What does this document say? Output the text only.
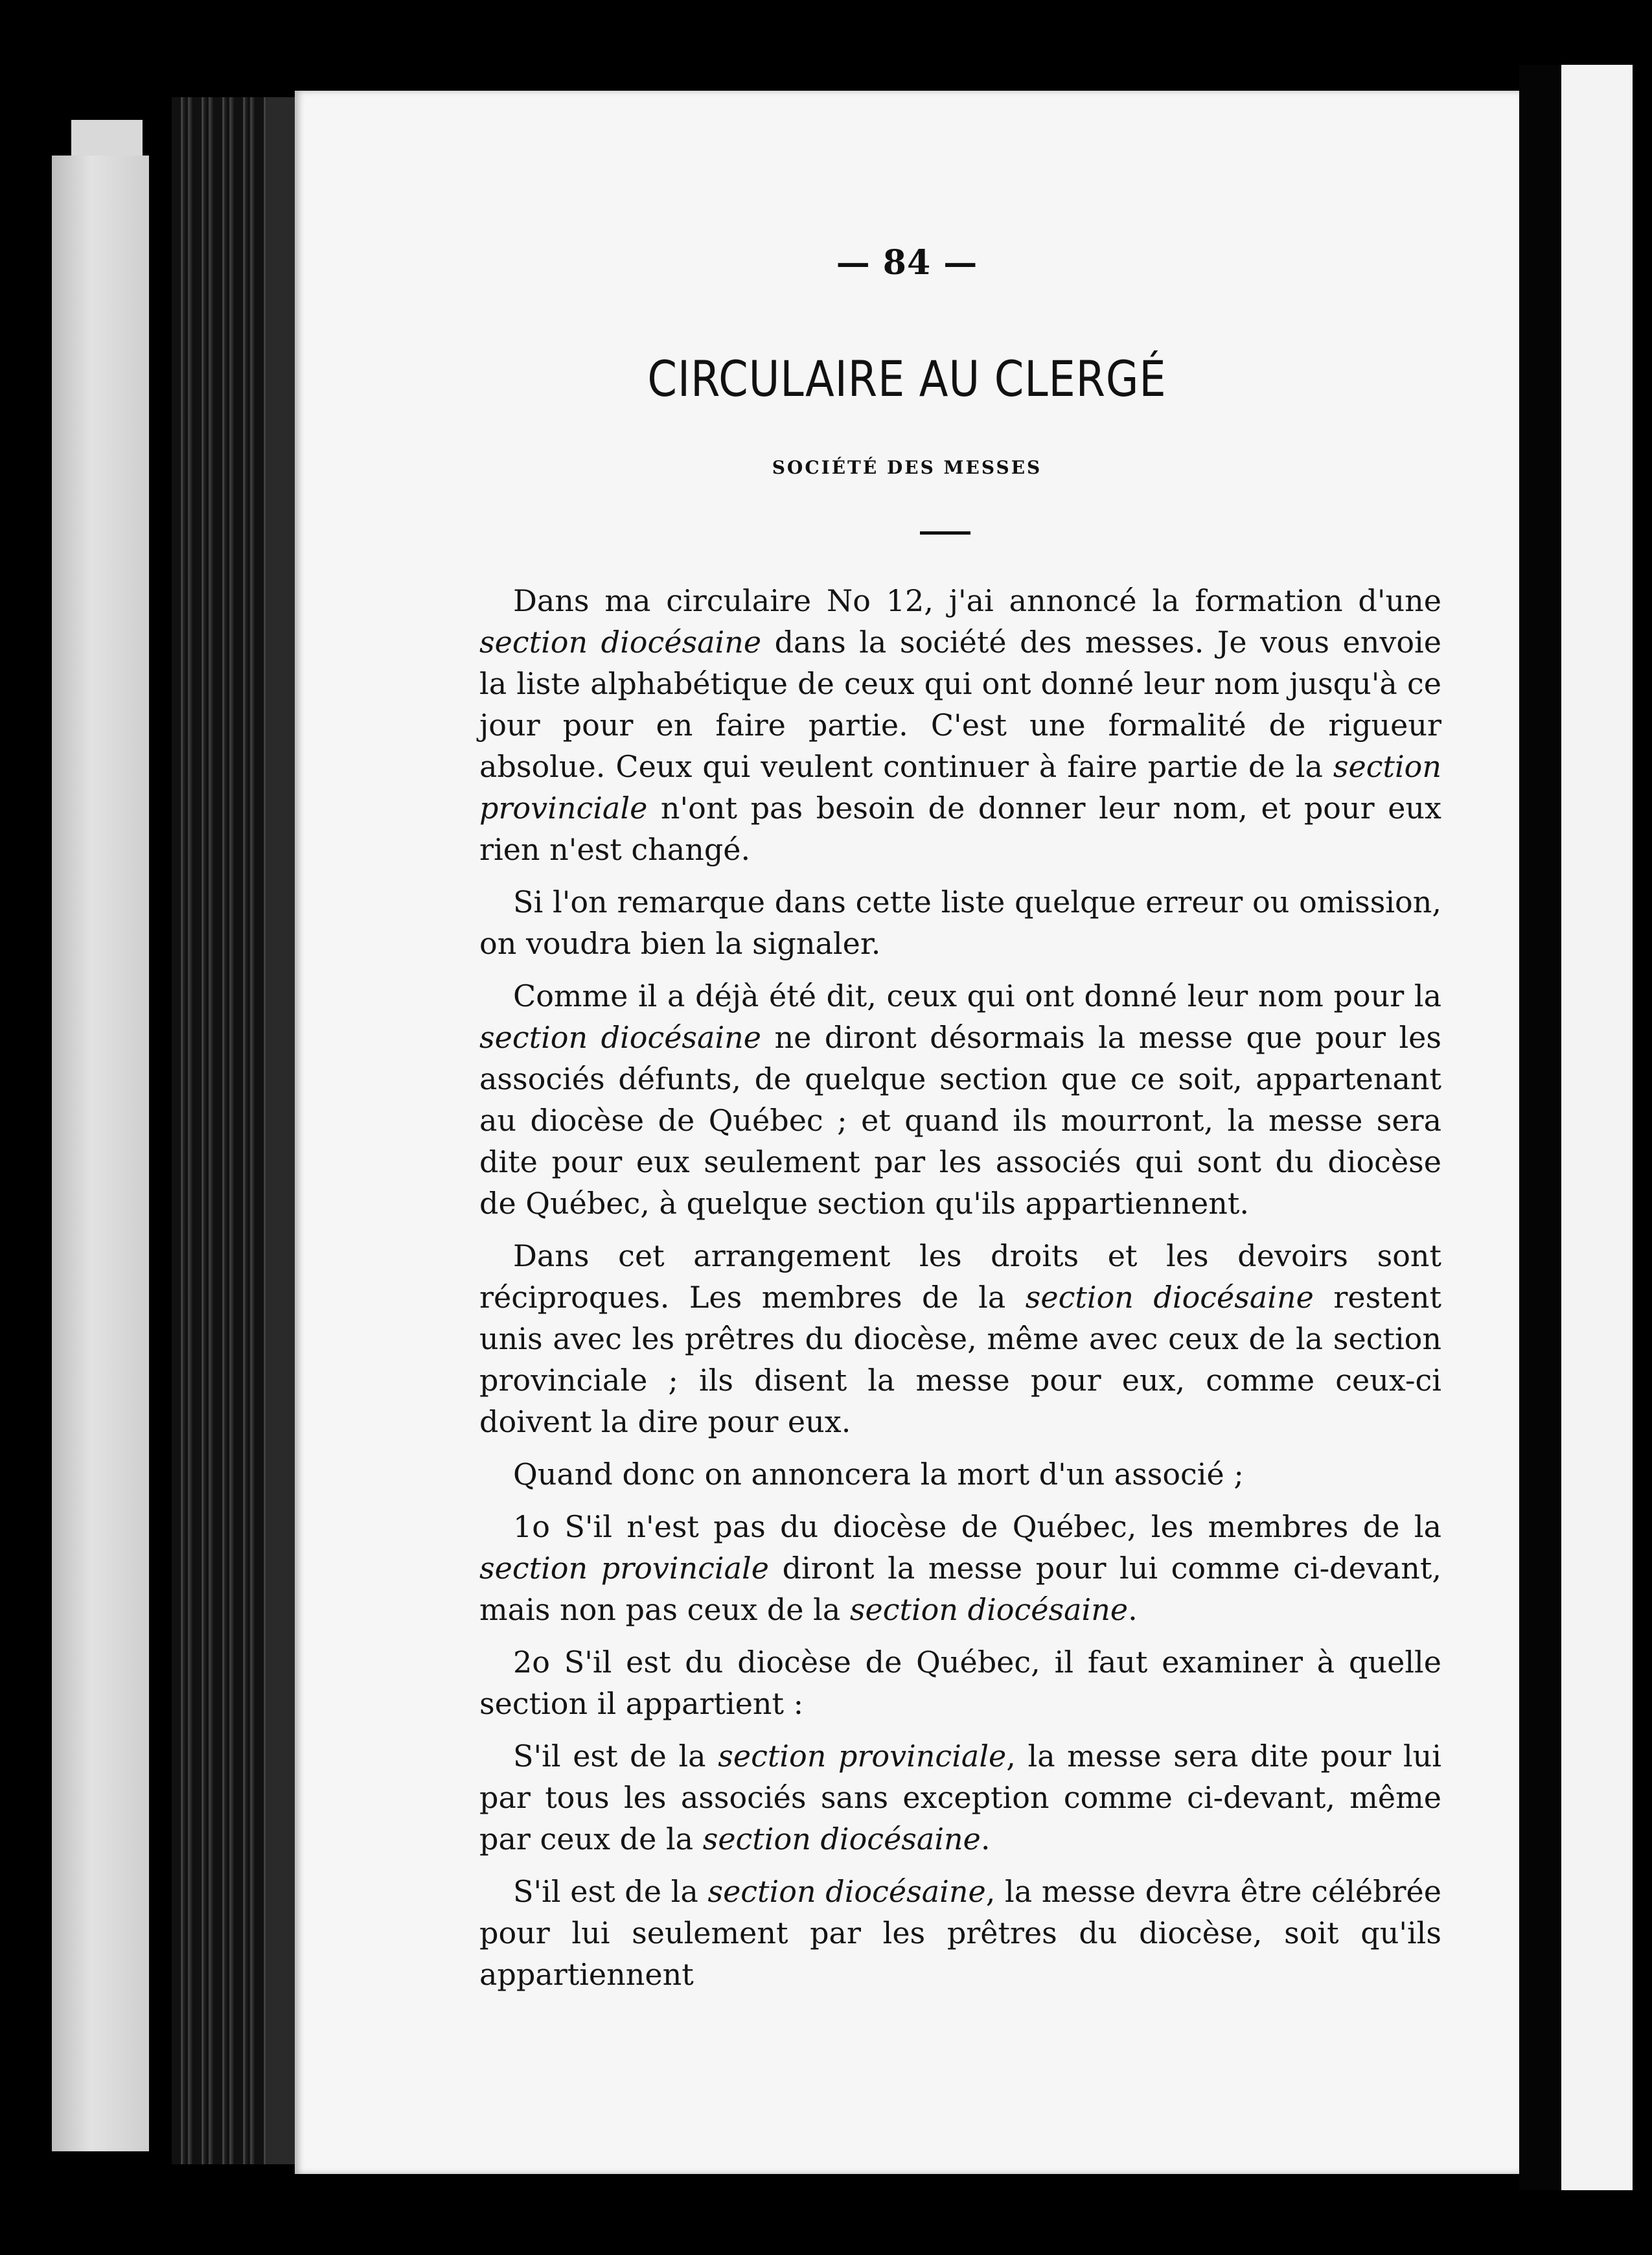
— 84 —
CIRCULAIRE AU CLERGÉ
SOCIÉTÉ DES MESSES

Dans ma circulaire No 12, j'ai annoncé la formation d'une section diocésaine dans la société des messes. Je vous envoie la liste alphabétique de ceux qui ont donné leur nom jusqu'à ce jour pour en faire partie. C'est une formalité de rigueur absolue. Ceux qui veulent continuer à faire partie de la section provinciale n'ont pas besoin de donner leur nom, et pour eux rien n'est changé.

Si l'on remarque dans cette liste quelque erreur ou omission, on voudra bien la signaler.

Comme il a déjà été dit, ceux qui ont donné leur nom pour la section diocésaine ne diront désormais la messe que pour les associés défunts, de quelque section que ce soit, appartenant au diocèse de Québec ; et quand ils mourront, la messe sera dite pour eux seulement par les associés qui sont du diocèse de Québec, à quelque section qu'ils appartiennent.

Dans cet arrangement les droits et les devoirs sont réciproques. Les membres de la section diocésaine restent unis avec les prêtres du diocèse, même avec ceux de la section provinciale ; ils disent la messe pour eux, comme ceux-ci doivent la dire pour eux.

Quand donc on annoncera la mort d'un associé ;

1o S'il n'est pas du diocèse de Québec, les membres de la section provinciale diront la messe pour lui comme ci-devant, mais non pas ceux de la section diocésaine.

2o S'il est du diocèse de Québec, il faut examiner à quelle section il appartient :

S'il est de la section provinciale, la messe sera dite pour lui par tous les associés sans exception comme ci-devant, même par ceux de la section diocésaine.

S'il est de la section diocésaine, la messe devra être célébrée pour lui seulement par les prêtres du diocèse, soit qu'ils appartiennent
